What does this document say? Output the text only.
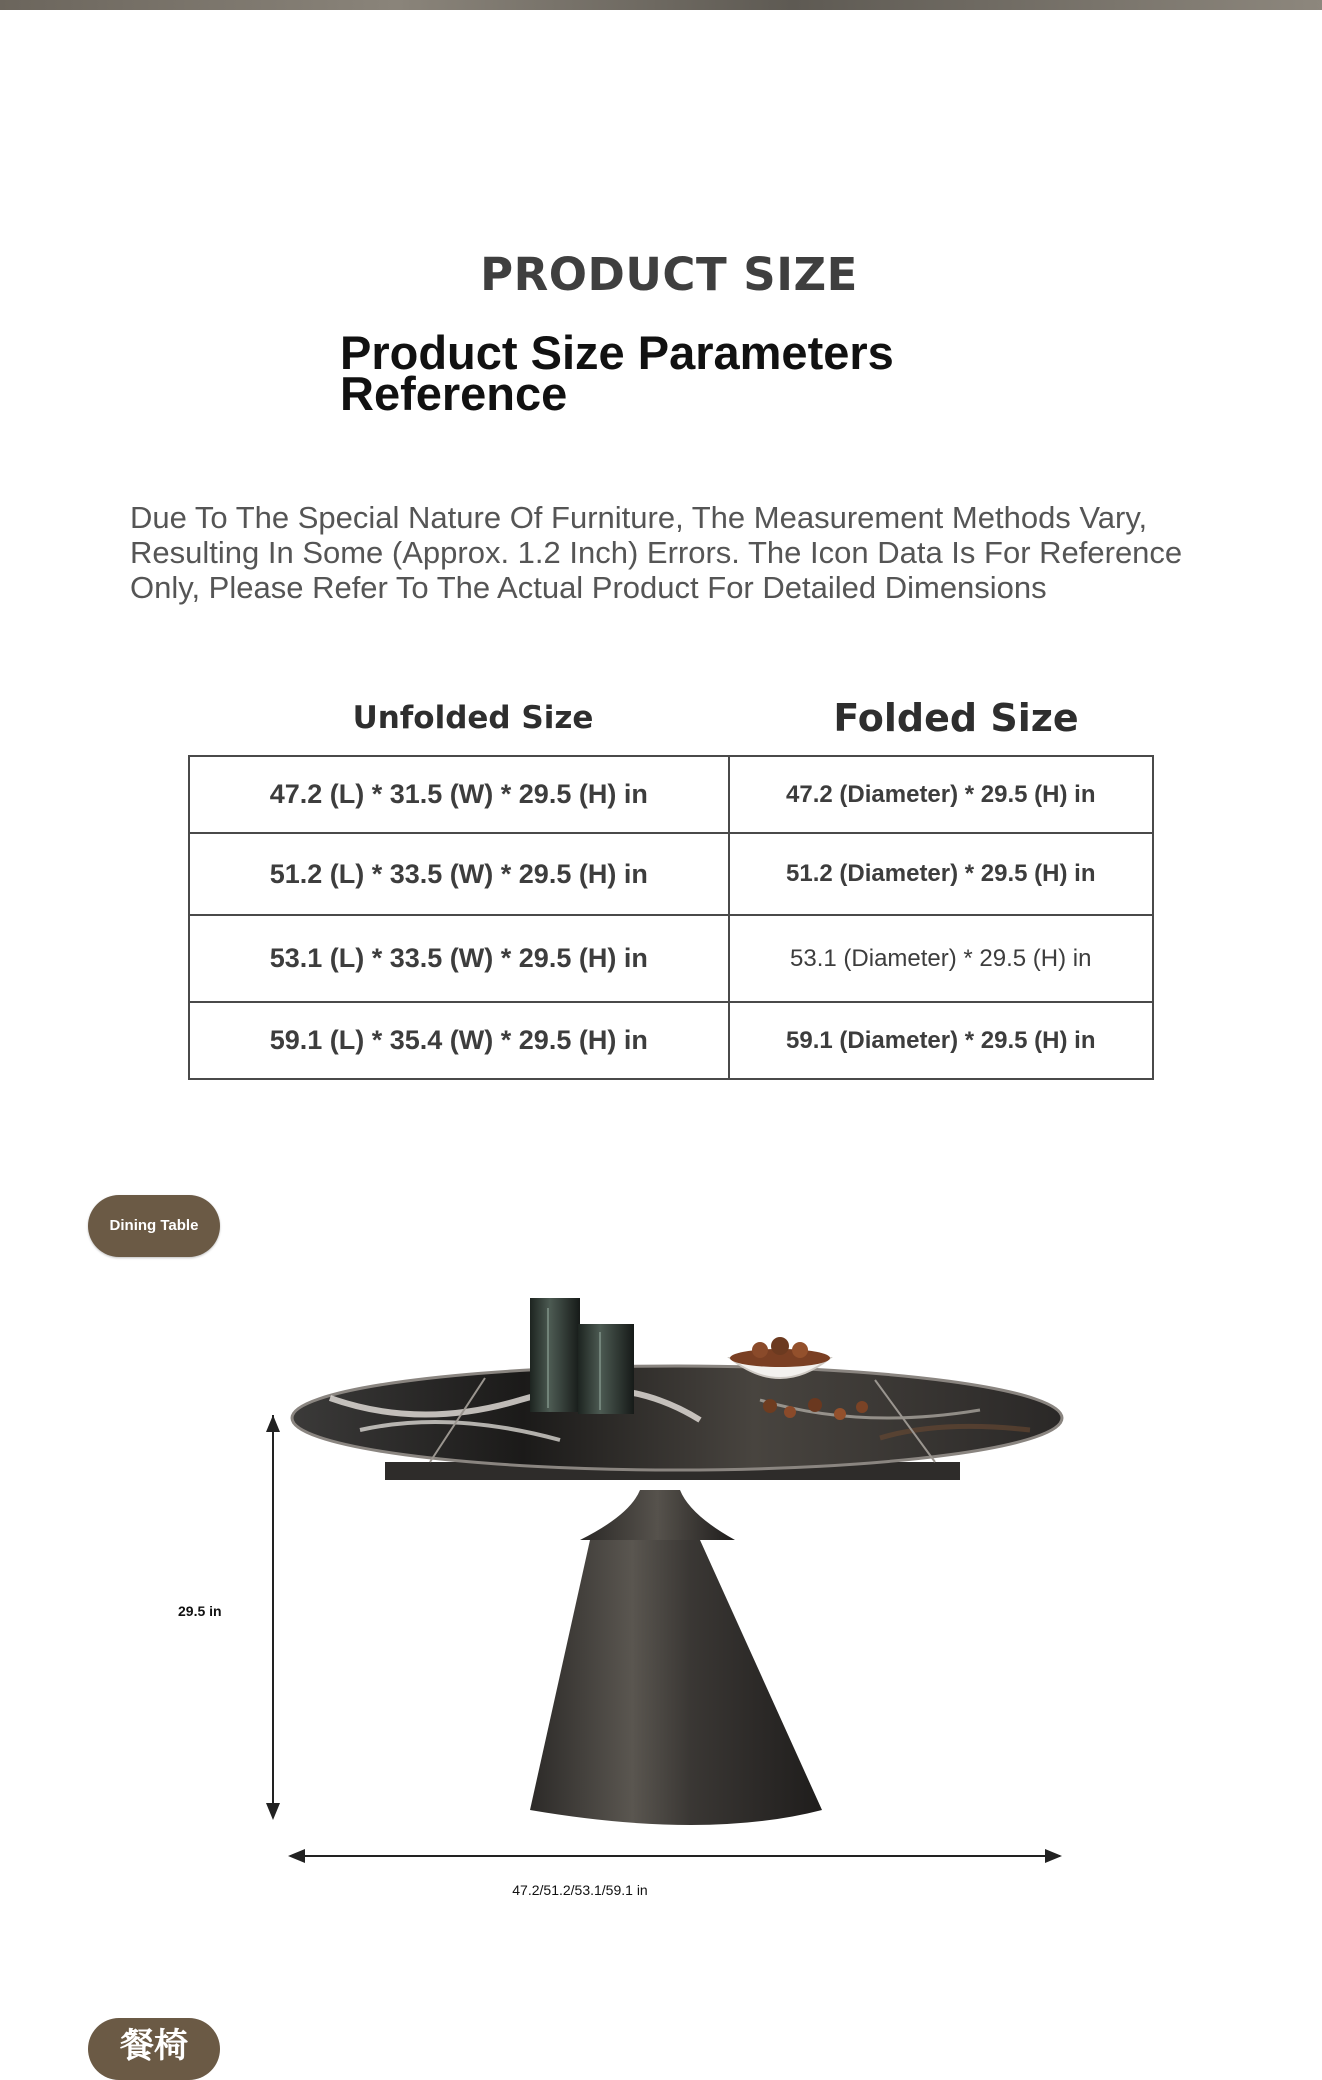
PRODUCT SIZE
Product Size Parameters Reference
Due To The Special Nature Of Furniture, The Measurement Methods Vary, Resulting In Some (Approx. 1.2 Inch) Errors. The Icon Data Is For Reference Only, Please Refer To The Actual Product For Detailed Dimensions
Unfolded Size	Folded Size
47.2 (L) * 31.5 (W) * 29.5 (H) in	47.2 (Diameter) * 29.5 (H) in
51.2 (L) * 33.5 (W) * 29.5 (H) in	51.2 (Diameter) * 29.5 (H) in
53.1 (L) * 33.5 (W) * 29.5 (H) in	53.1 (Diameter) * 29.5 (H) in
59.1 (L) * 35.4 (W) * 29.5 (H) in	59.1 (Diameter) * 29.5 (H) in
Dining Table
29.5 in
47.2/51.2/53.1/59.1 in
餐椅
